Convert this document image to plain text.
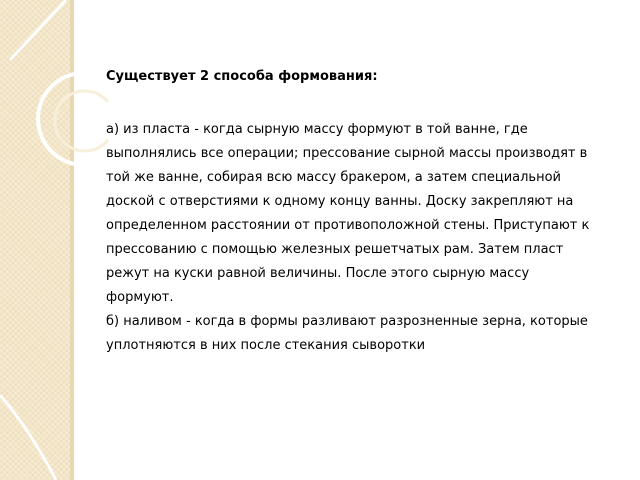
Существует 2 способа формования:

а) из пласта - когда сырную массу формуют в той ванне, где

выполнялись все операции; прессование сырной массы производят в

той же ванне, собирая всю массу бракером, а затем специальной

доской с отверстиями к одному концу ванны. Доску закрепляют на

определенном расстоянии от противоположной стены. Приступают к

прессованию с помощью железных решетчатых рам. Затем пласт

режут на куски равной величины. После этого сырную массу

формуют.

б) наливом - когда в формы разливают разрозненные зерна, которые

уплотняются в них после стекания сыворотки
